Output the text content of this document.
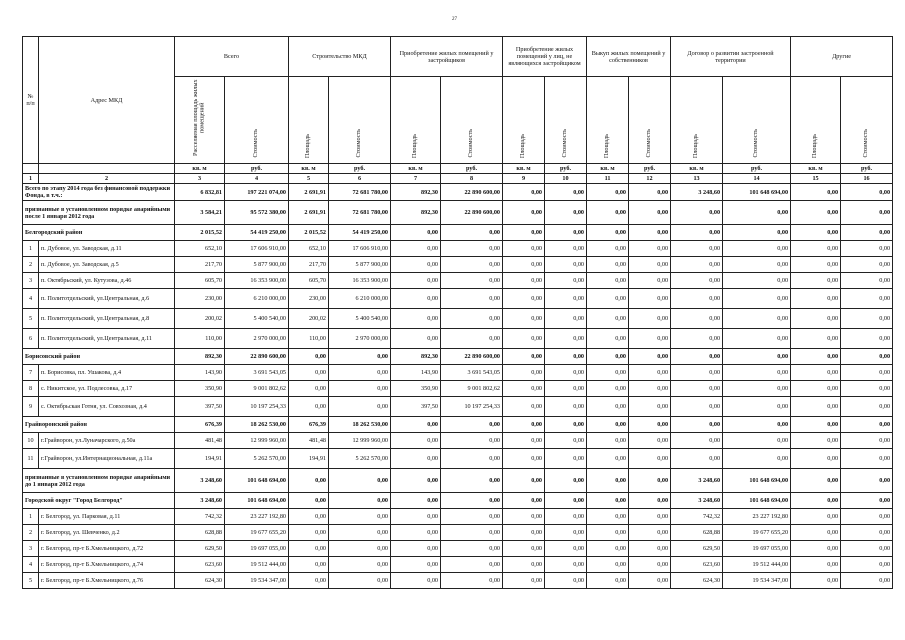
27
№ п/п	Адрес МКД	Всего		Строительство МКД		Приобретение жилых помещений у застройщиков		Приобретение жилых помещений у лиц, не являющихся застройщиком		Выкуп жилых помещений у собственников		Договор о развитии застроенной территории		Другие	
		Расселяемая площадь жилых помещений	Стоимость	Площадь	Стоимость	Площадь	Стоимость	Площадь	Стоимость	Площадь	Стоимость	Площадь	Стоимость	Площадь	Стоимость
		кв. м	руб.	кв. м	руб.	кв. м	руб.	кв. м	руб.	кв. м	руб.	кв. м	руб.	кв. м	руб.
1	2	3	4	5	6	7	8	9	10	11	12	13	14	15	16
Всего по этапу 2014 года без финансовой поддержки Фонда, в т.ч.:		6 832,81	197 221 074,00	2 691,91	72 681 780,00	892,30	22 890 600,00	0,00	0,00	0,00	0,00	3 248,60	101 648 694,00	0,00	0,00
признанные в установленном порядке аварийными после 1 января 2012 года		3 584,21	95 572 380,00	2 691,91	72 681 780,00	892,30	22 890 600,00	0,00	0,00	0,00	0,00	0,00	0,00	0,00	0,00
Белгородский район		2 015,52	54 419 250,00	2 015,52	54 419 250,00	0,00	0,00	0,00	0,00	0,00	0,00	0,00	0,00	0,00	0,00
1	п. Дубовое, ул. Заводская, д.11	652,10	17 606 910,00	652,10	17 606 910,00	0,00	0,00	0,00	0,00	0,00	0,00	0,00	0,00	0,00	0,00
2	п. Дубовое, ул. Заводская, д.5	217,70	5 877 900,00	217,70	5 877 900,00	0,00	0,00	0,00	0,00	0,00	0,00	0,00	0,00	0,00	0,00
3	п. Октябрьский, ул. Кутузова, д.46	605,70	16 353 900,00	605,70	16 353 900,00	0,00	0,00	0,00	0,00	0,00	0,00	0,00	0,00	0,00	0,00
4	п. Политотдельский, ул.Центральная, д.6	230,00	6 210 000,00	230,00	6 210 000,00	0,00	0,00	0,00	0,00	0,00	0,00	0,00	0,00	0,00	0,00
5	п. Политотдельский, ул.Центральная, д.8	200,02	5 400 540,00	200,02	5 400 540,00	0,00	0,00	0,00	0,00	0,00	0,00	0,00	0,00	0,00	0,00
6	п. Политотдельский, ул.Центральная, д.11	110,00	2 970 000,00	110,00	2 970 000,00	0,00	0,00	0,00	0,00	0,00	0,00	0,00	0,00	0,00	0,00
Борисовский район		892,30	22 890 600,00	0,00	0,00	892,30	22 890 600,00	0,00	0,00	0,00	0,00	0,00	0,00	0,00	0,00
7	п. Борисовка, пл. Ушакова, д.4	143,90	3 691 543,05	0,00	0,00	143,90	3 691 543,05	0,00	0,00	0,00	0,00	0,00	0,00	0,00	0,00
8	с. Никитское, ул. Подлесовка, д.17	350,90	9 001 802,62	0,00	0,00	350,90	9 001 802,62	0,00	0,00	0,00	0,00	0,00	0,00	0,00	0,00
9	с. Октябрьская Готня, ул. Совхозная, д.4	397,50	10 197 254,33	0,00	0,00	397,50	10 197 254,33	0,00	0,00	0,00	0,00	0,00	0,00	0,00	0,00
Грайворонский район		676,39	18 262 530,00	676,39	18 262 530,00	0,00	0,00	0,00	0,00	0,00	0,00	0,00	0,00	0,00	0,00
10	г.Грайворон, ул.Луначарского, д.50а	481,48	12 999 960,00	481,48	12 999 960,00	0,00	0,00	0,00	0,00	0,00	0,00	0,00	0,00	0,00	0,00
11	г.Грайворон, ул.Интернациональная, д.11а	194,91	5 262 570,00	194,91	5 262 570,00	0,00	0,00	0,00	0,00	0,00	0,00	0,00	0,00	0,00	0,00
признанные в установленном порядке аварийными до 1 января 2012 года		3 248,60	101 648 694,00	0,00	0,00	0,00	0,00	0,00	0,00	0,00	0,00	3 248,60	101 648 694,00	0,00	0,00
Городской округ "Город Белгород"		3 248,60	101 648 694,00	0,00	0,00	0,00	0,00	0,00	0,00	0,00	0,00	3 248,60	101 648 694,00	0,00	0,00
1	г. Белгород, ул. Парковая, д.11	742,32	23 227 192,80	0,00	0,00	0,00	0,00	0,00	0,00	0,00	0,00	742,32	23 227 192,80	0,00	0,00
2	г. Белгород, ул. Шевченко, д.2	628,88	19 677 655,20	0,00	0,00	0,00	0,00	0,00	0,00	0,00	0,00	628,88	19 677 655,20	0,00	0,00
3	г. Белгород, пр-т Б.Хмельницкого, д.72	629,50	19 697 055,00	0,00	0,00	0,00	0,00	0,00	0,00	0,00	0,00	629,50	19 697 055,00	0,00	0,00
4	г. Белгород, пр-т Б.Хмельницкого, д.74	623,60	19 512 444,00	0,00	0,00	0,00	0,00	0,00	0,00	0,00	0,00	623,60	19 512 444,00	0,00	0,00
5	г. Белгород, пр-т Б.Хмельницкого, д.76	624,30	19 534 347,00	0,00	0,00	0,00	0,00	0,00	0,00	0,00	0,00	624,30	19 534 347,00	0,00	0,00
